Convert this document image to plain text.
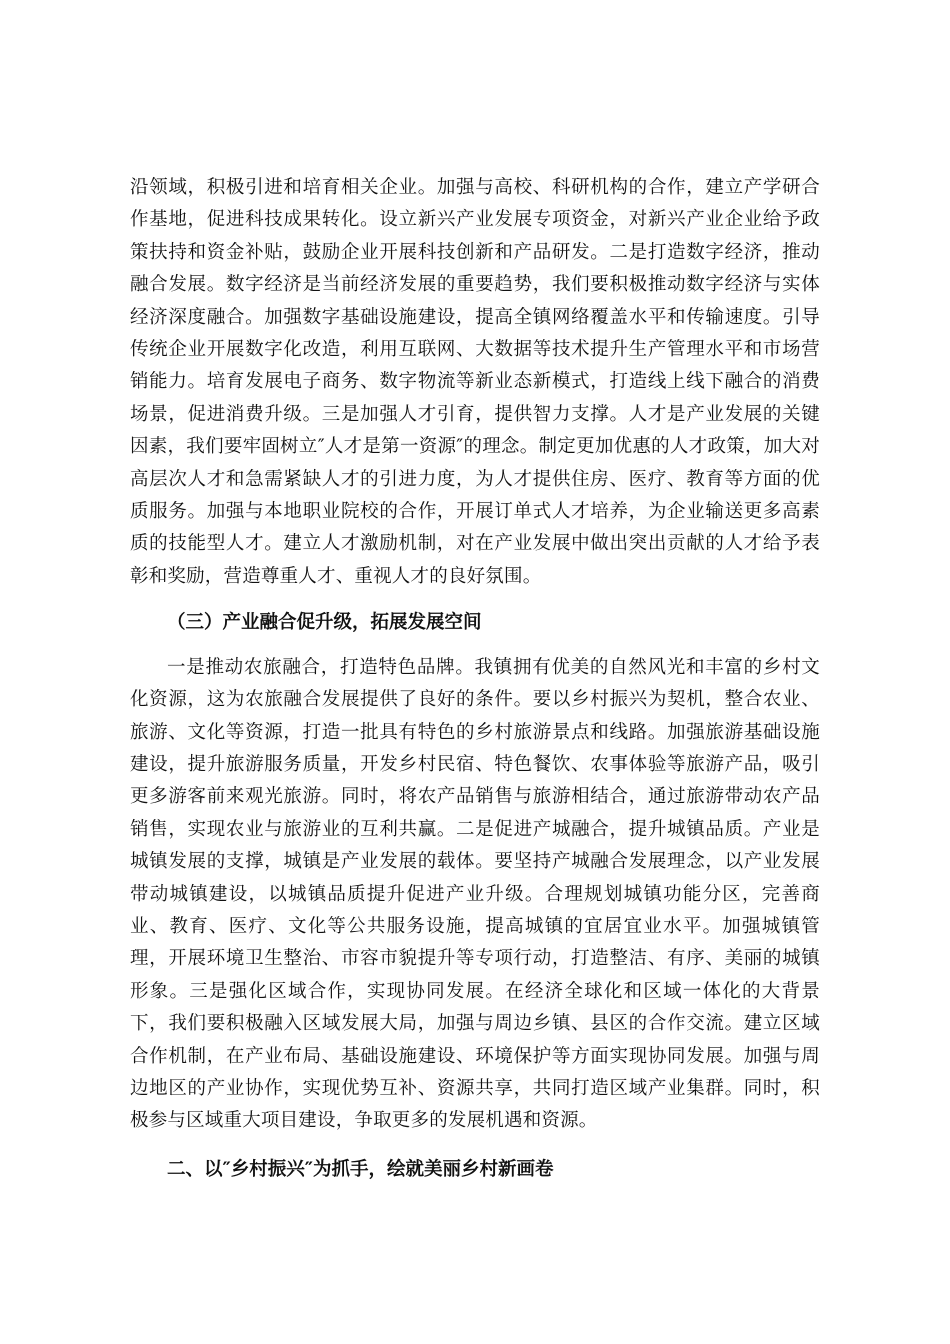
沿领域，积极引进和培育相关企业。加强与高校、科研机构的合作，建立产学研合作基地，促进科技成果转化。设立新兴产业发展专项资金，对新兴产业企业给予政策扶持和资金补贴，鼓励企业开展科技创新和产品研发。二是打造数字经济，推动融合发展。数字经济是当前经济发展的重要趋势，我们要积极推动数字经济与实体经济深度融合。加强数字基础设施建设，提高全镇网络覆盖水平和传输速度。引导传统企业开展数字化改造，利用互联网、大数据等技术提升生产管理水平和市场营销能力。培育发展电子商务、数字物流等新业态新模式，打造线上线下融合的消费场景，促进消费升级。三是加强人才引育，提供智力支撑。人才是产业发展的关键因素，我们要牢固树立″人才是第一资源″的理念。制定更加优惠的人才政策，加大对高层次人才和急需紧缺人才的引进力度，为人才提供住房、医疗、教育等方面的优质服务。加强与本地职业院校的合作，开展订单式人才培养，为企业输送更多高素质的技能型人才。建立人才激励机制，对在产业发展中做出突出贡献的人才给予表彰和奖励，营造尊重人才、重视人才的良好氛围。

（三）产业融合促升级，拓展发展空间

一是推动农旅融合，打造特色品牌。我镇拥有优美的自然风光和丰富的乡村文化资源，这为农旅融合发展提供了良好的条件。要以乡村振兴为契机，整合农业、旅游、文化等资源，打造一批具有特色的乡村旅游景点和线路。加强旅游基础设施建设，提升旅游服务质量，开发乡村民宿、特色餐饮、农事体验等旅游产品，吸引更多游客前来观光旅游。同时，将农产品销售与旅游相结合，通过旅游带动农产品销售，实现农业与旅游业的互利共赢。二是促进产城融合，提升城镇品质。产业是城镇发展的支撑，城镇是产业发展的载体。要坚持产城融合发展理念，以产业发展带动城镇建设，以城镇品质提升促进产业升级。合理规划城镇功能分区，完善商业、教育、医疗、文化等公共服务设施，提高城镇的宜居宜业水平。加强城镇管理，开展环境卫生整治、市容市貌提升等专项行动，打造整洁、有序、美丽的城镇形象。三是强化区域合作，实现协同发展。在经济全球化和区域一体化的大背景下，我们要积极融入区域发展大局，加强与周边乡镇、县区的合作交流。建立区域合作机制，在产业布局、基础设施建设、环境保护等方面实现协同发展。加强与周边地区的产业协作，实现优势互补、资源共享，共同打造区域产业集群。同时，积极参与区域重大项目建设，争取更多的发展机遇和资源。

二、以″乡村振兴″为抓手，绘就美丽乡村新画卷
